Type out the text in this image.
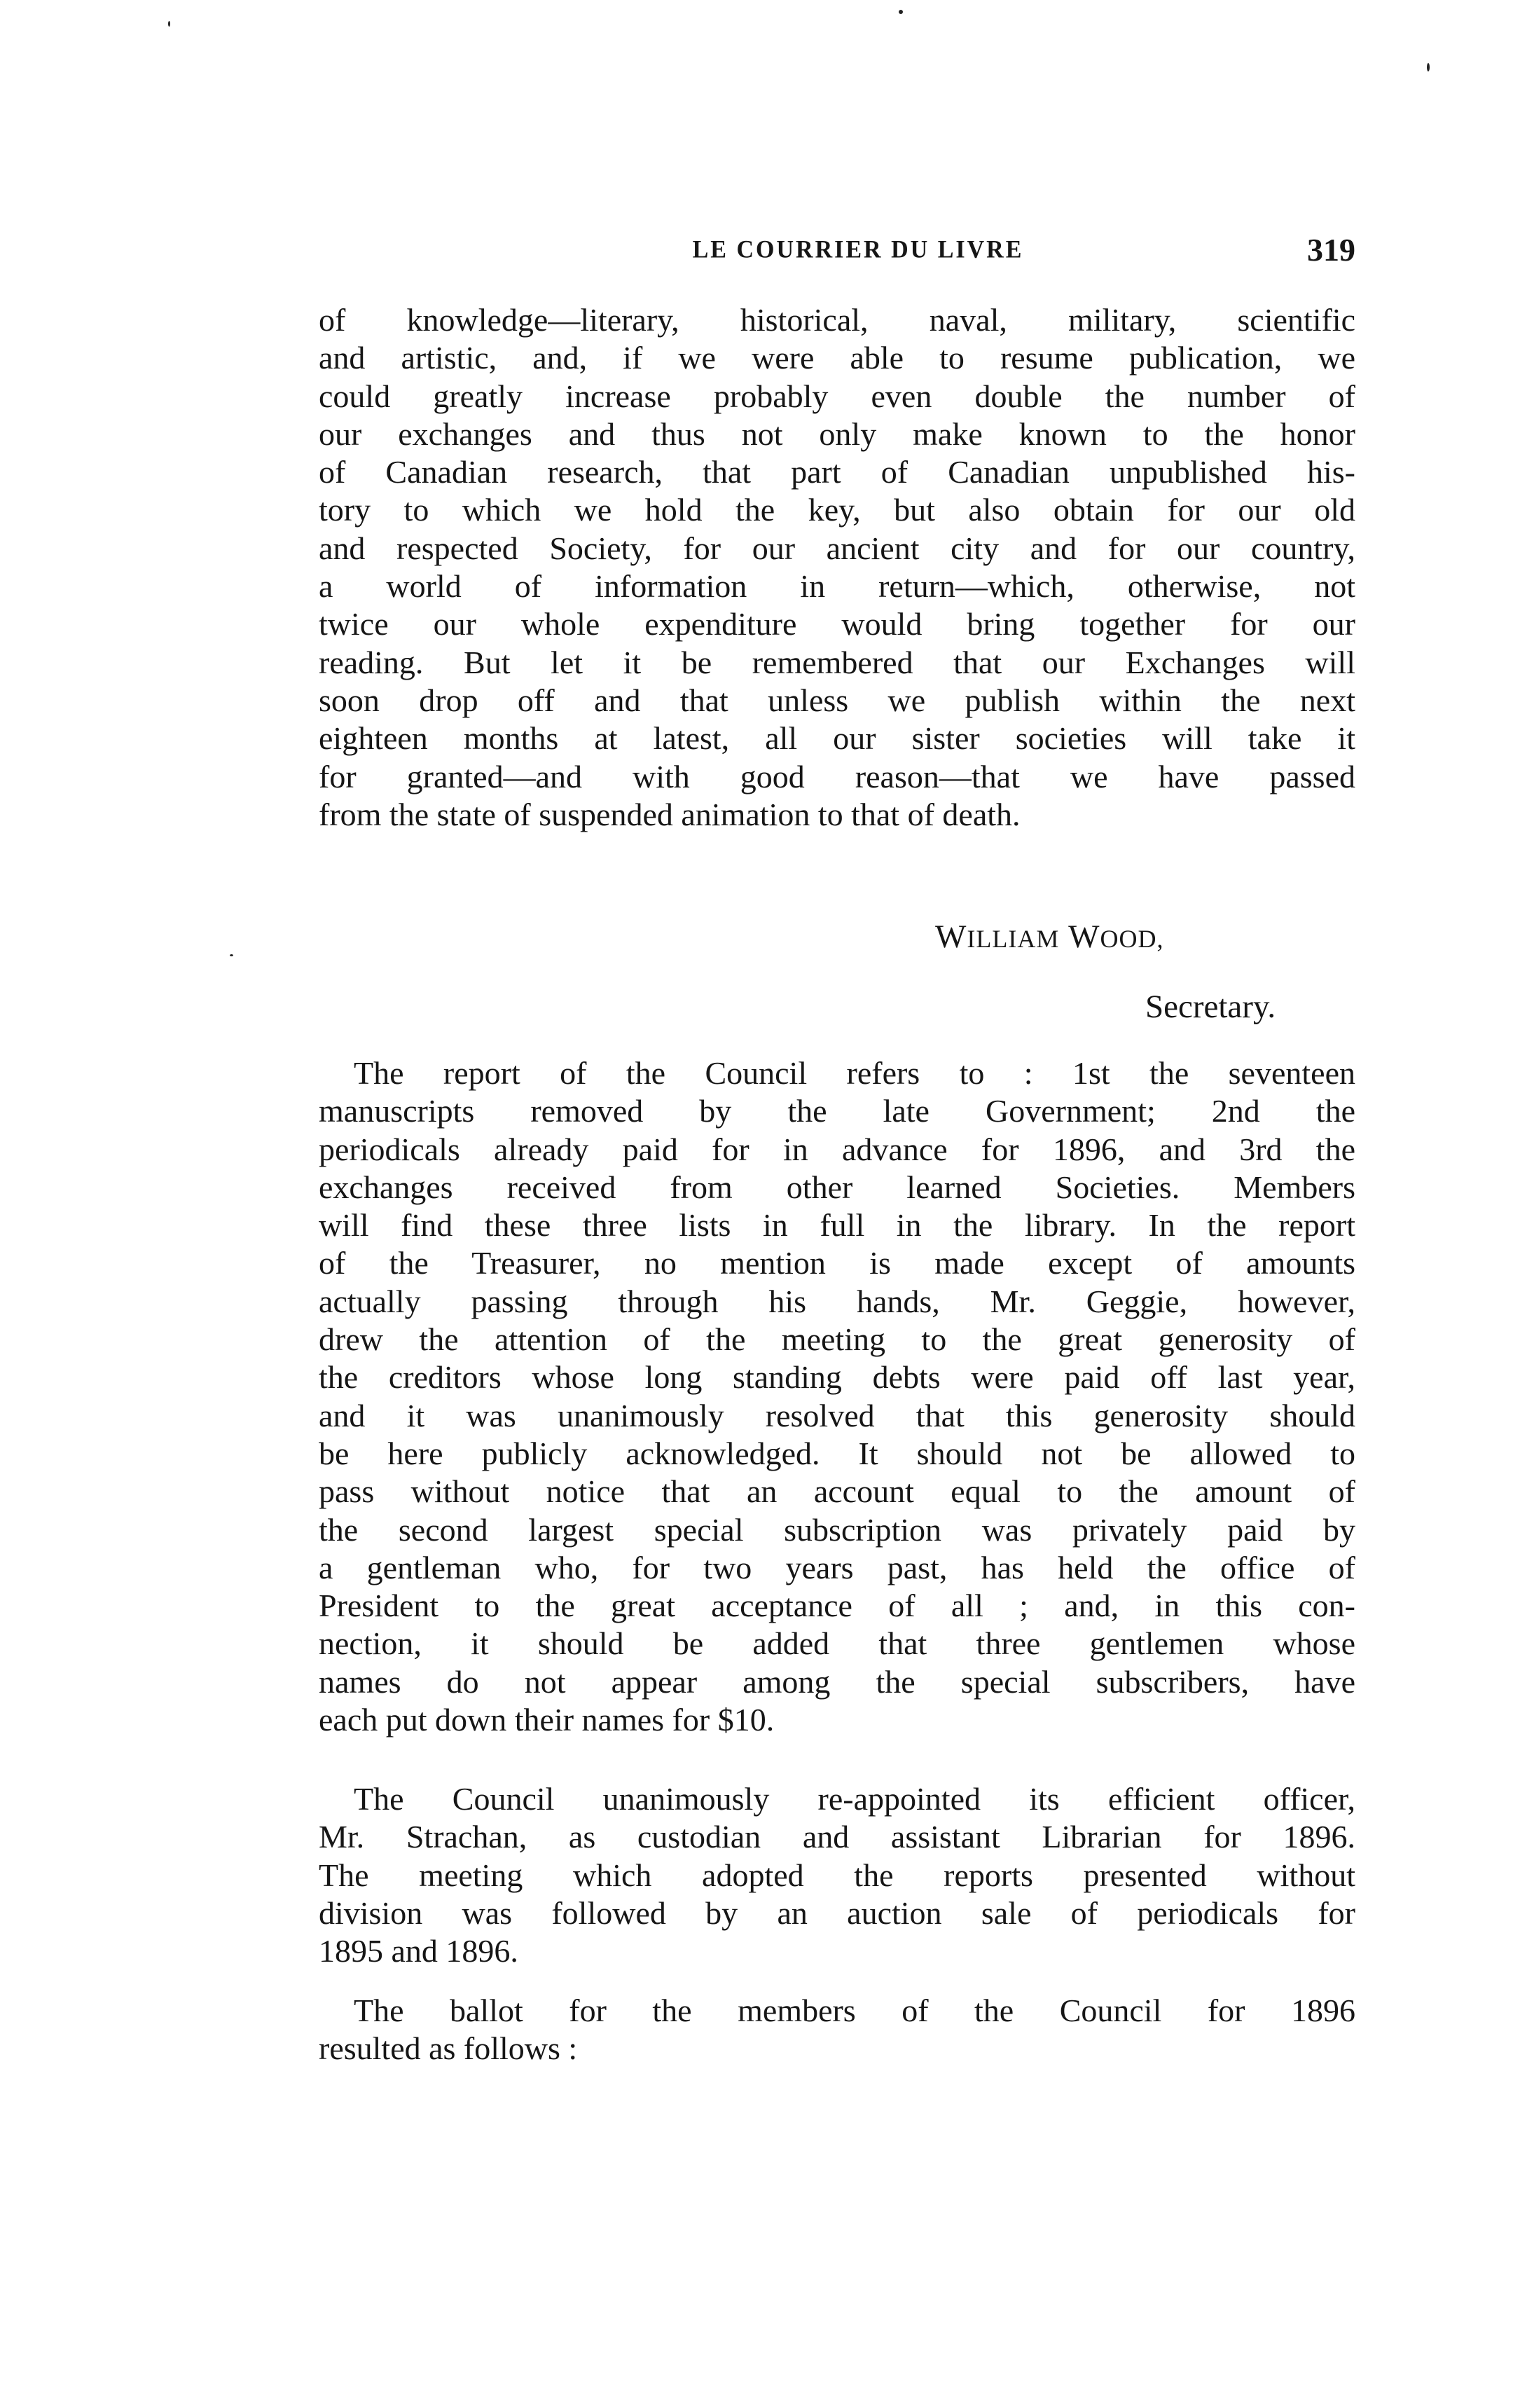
LE COURRIER DU LIVRE	319
of knowledge—literary, historical, naval, military, scientific
and artistic, and, if we were able to resume publication, we
could greatly increase probably even double the number of
our exchanges and thus not only make known to the honor
of Canadian research, that part of Canadian unpublished his-
tory to which we hold the key, but also obtain for our old
and respected Society, for our ancient city and for our country,
a world of information in return—which, otherwise, not
twice our whole expenditure would bring together for our
reading. But let it be remembered that our Exchanges will
soon drop off and that unless we publish within the next
eighteen months at latest, all our sister societies will take it
for granted—and with good reason—that we have passed
from the state of suspended animation to that of death.
WILLIAM WOOD,
Secretary.
The report of the Council refers to : 1st the seventeen
manuscripts removed by the late Government; 2nd the
periodicals already paid for in advance for 1896, and 3rd the
exchanges received from other learned Societies. Members
will find these three lists in full in the library. In the report
of the Treasurer, no mention is made except of amounts
actually passing through his hands, Mr. Geggie, however,
drew the attention of the meeting to the great generosity of
the creditors whose long standing debts were paid off last year,
and it was unanimously resolved that this generosity should
be here publicly acknowledged. It should not be allowed to
pass without notice that an account equal to the amount of
the second largest special subscription was privately paid by
a gentleman who, for two years past, has held the office of
President to the great acceptance of all ; and, in this con-
nection, it should be added that three gentlemen whose
names do not appear among the special subscribers, have
each put down their names for $10.
The Council unanimously re-appointed its efficient officer,
Mr. Strachan, as custodian and assistant Librarian for 1896.
The meeting which adopted the reports presented without
division was followed by an auction sale of periodicals for
1895 and 1896.
The ballot for the members of the Council for 1896
resulted as follows :
